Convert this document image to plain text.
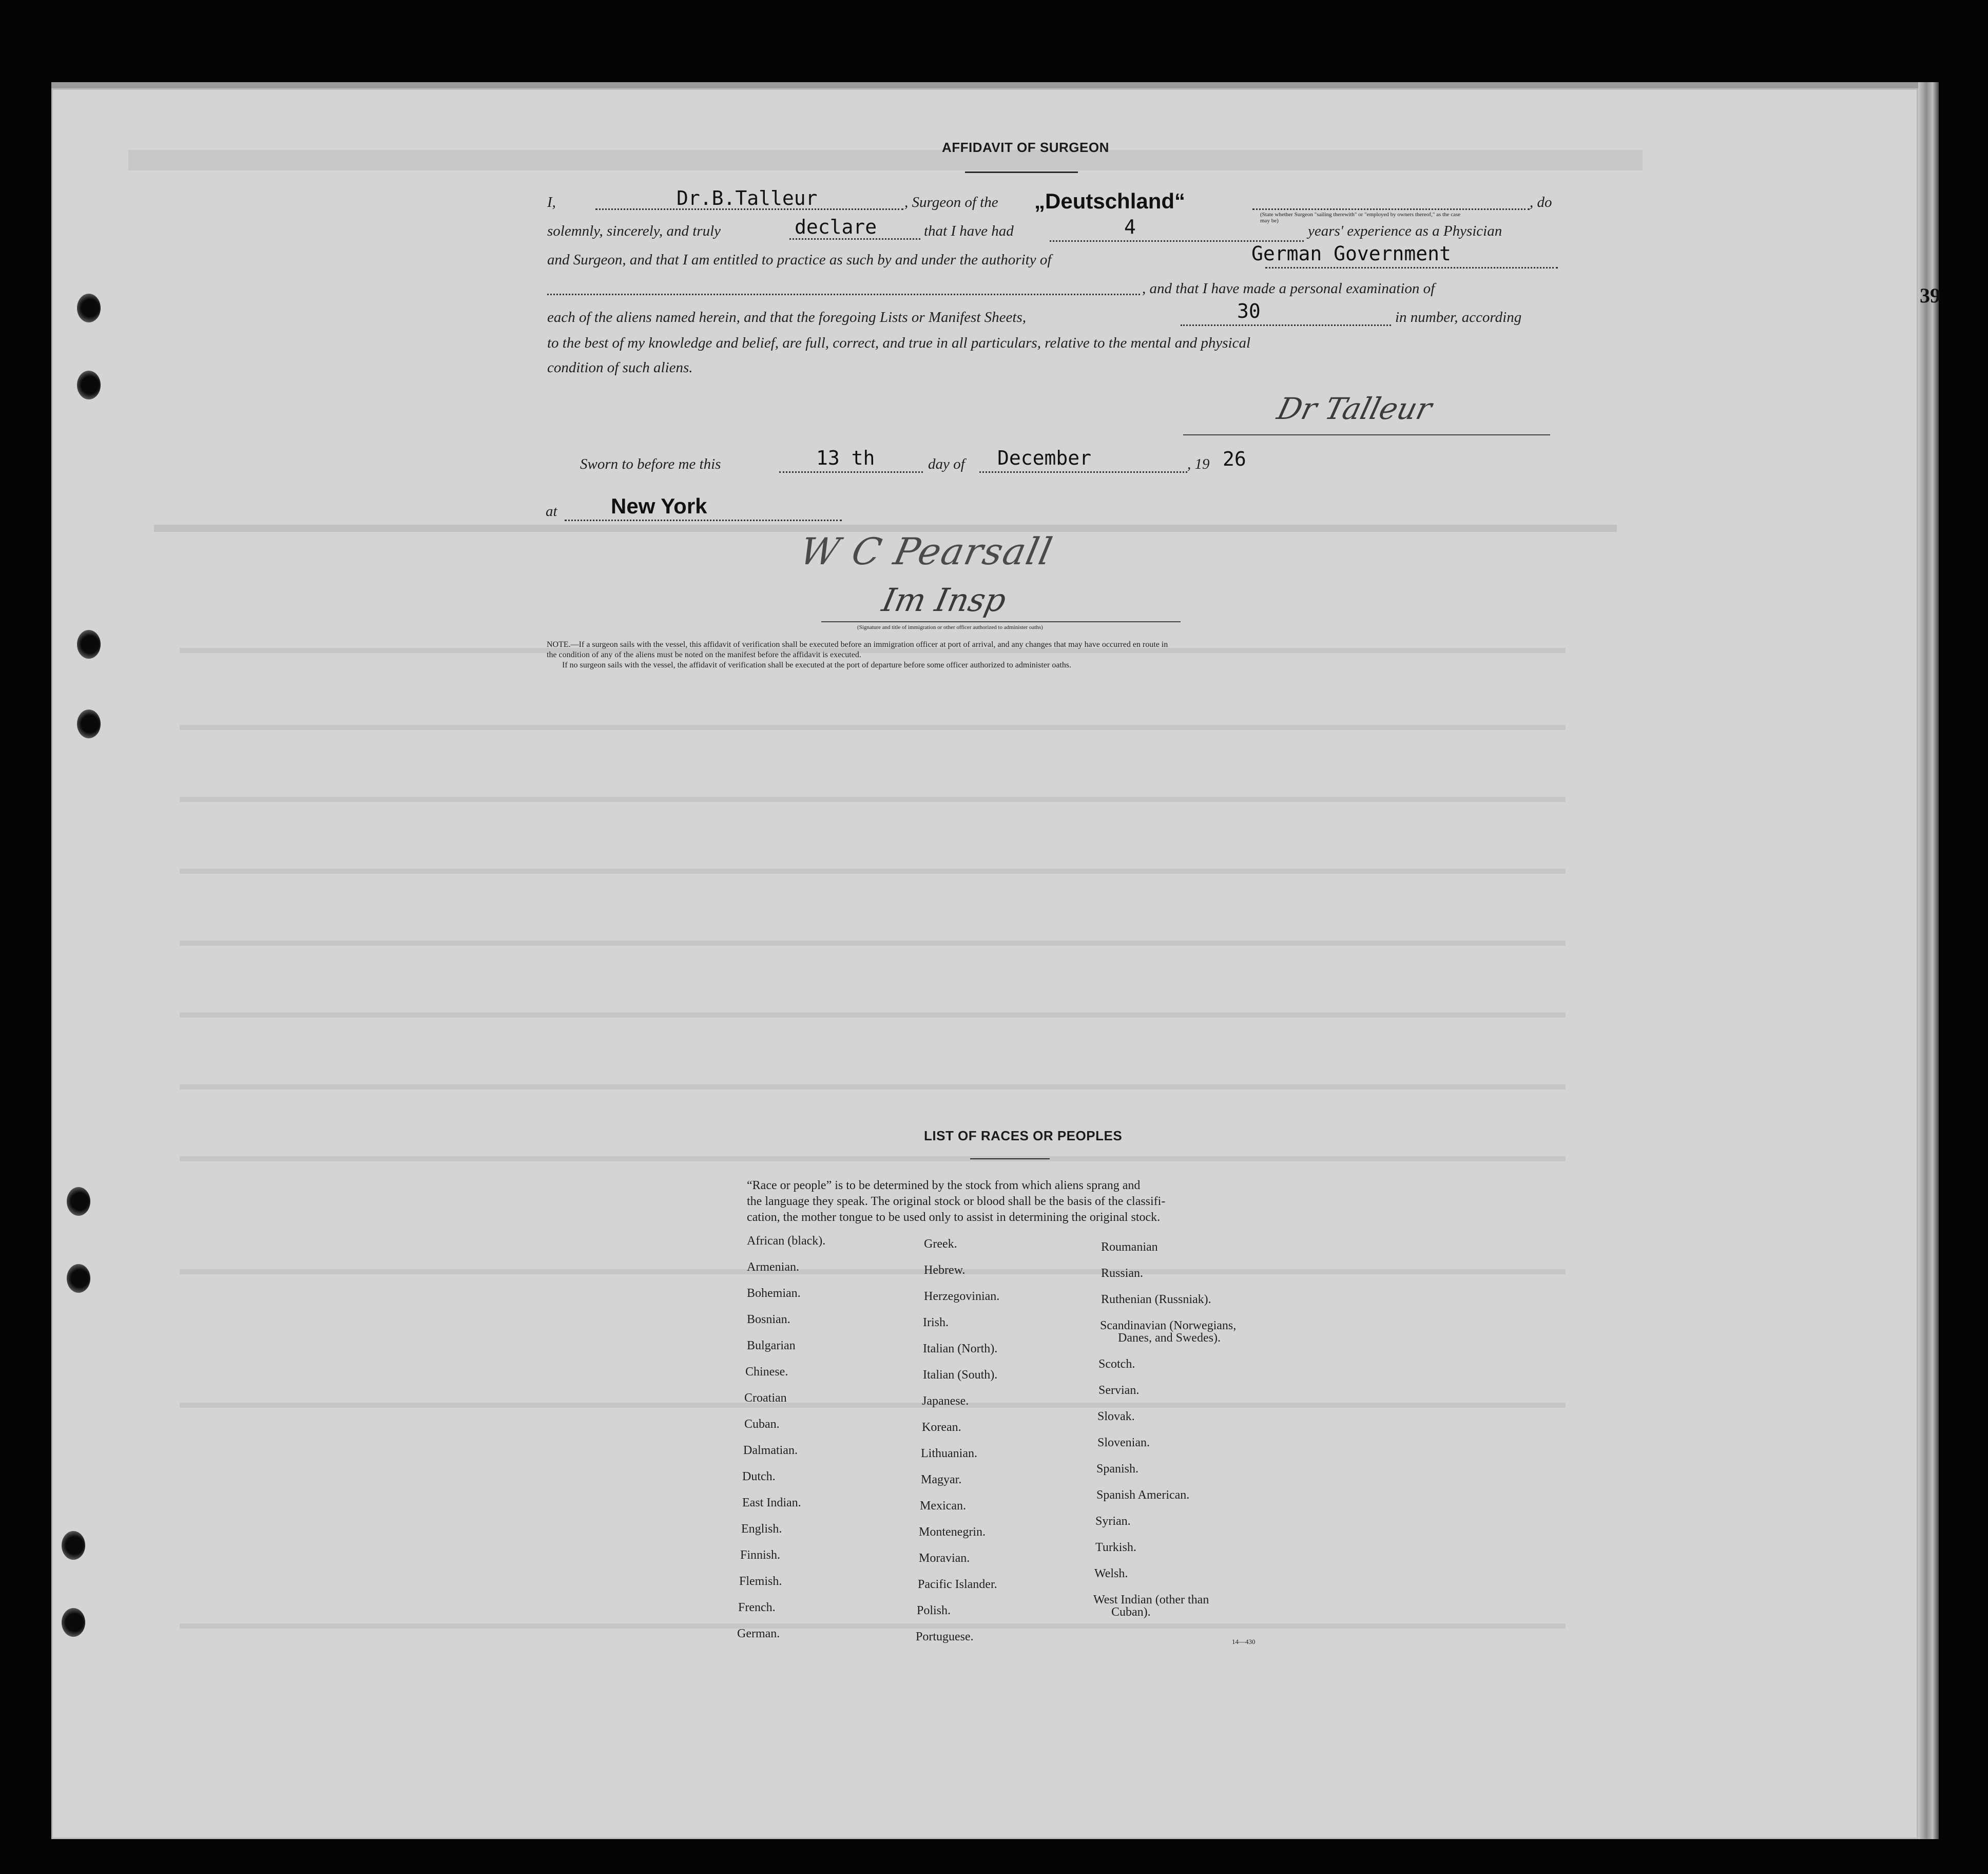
39
AFFIDAVIT OF SURGEON
I,	Dr.B.Talleur	, Surgeon of the „Deutschland“
(State whether Surgeon "sailing therewith" or "employed by owners thereof," as the case may be)
, do
solemnly, sincerely, and truly	declare	that I have had	4	years' experience as a Physician
and Surgeon, and that I am entitled to practice as such by and under the authority of	German Government
, and that I have made a personal examination of
each of the aliens named herein, and that the foregoing Lists or Manifest Sheets,	30	in number, according
to the best of my knowledge and belief, are full, correct, and true in all particulars, relative to the mental and physical
condition of such aliens.
Dr Talleur
Sworn to before me this	13 th	day of December	, 19 26
at New York
W C Pearsall
Im Insp
(Signature and title of immigration or other officer authorized to administer oaths)
NOTE.—If a surgeon sails with the vessel, this affidavit of verification shall be executed before an immigration officer at port of arrival, and any changes that may have occurred en route in
the condition of any of the aliens must be noted on the manifest before the affidavit is executed.
If no surgeon sails with the vessel, the affidavit of verification shall be executed at the port of departure before some officer authorized to administer oaths.
LIST OF RACES OR PEOPLES
“Race or people” is to be determined by the stock from which aliens sprang and
the language they speak. The original stock or blood shall be the basis of the classifi-
cation, the mother tongue to be used only to assist in determining the original stock.
African (black).
Armenian.
Bohemian.
Bosnian.
Bulgarian
Chinese.
Croatian
Cuban.
Dalmatian.
Dutch.
East Indian.
English.
Finnish.
Flemish.
French.
German.
Greek.
Hebrew.
Herzegovinian.
Irish.
Italian (North).
Italian (South).
Japanese.
Korean.
Lithuanian.
Magyar.
Mexican.
Montenegrin.
Moravian.
Pacific Islander.
Polish.
Portuguese.
Roumanian
Russian.
Ruthenian (Russniak).
Scandinavian (Norwegians,
Danes, and Swedes).
Scotch.
Servian.
Slovak.
Slovenian.
Spanish.
Spanish American.
Syrian.
Turkish.
Welsh.
West Indian (other than
Cuban).
14—430
